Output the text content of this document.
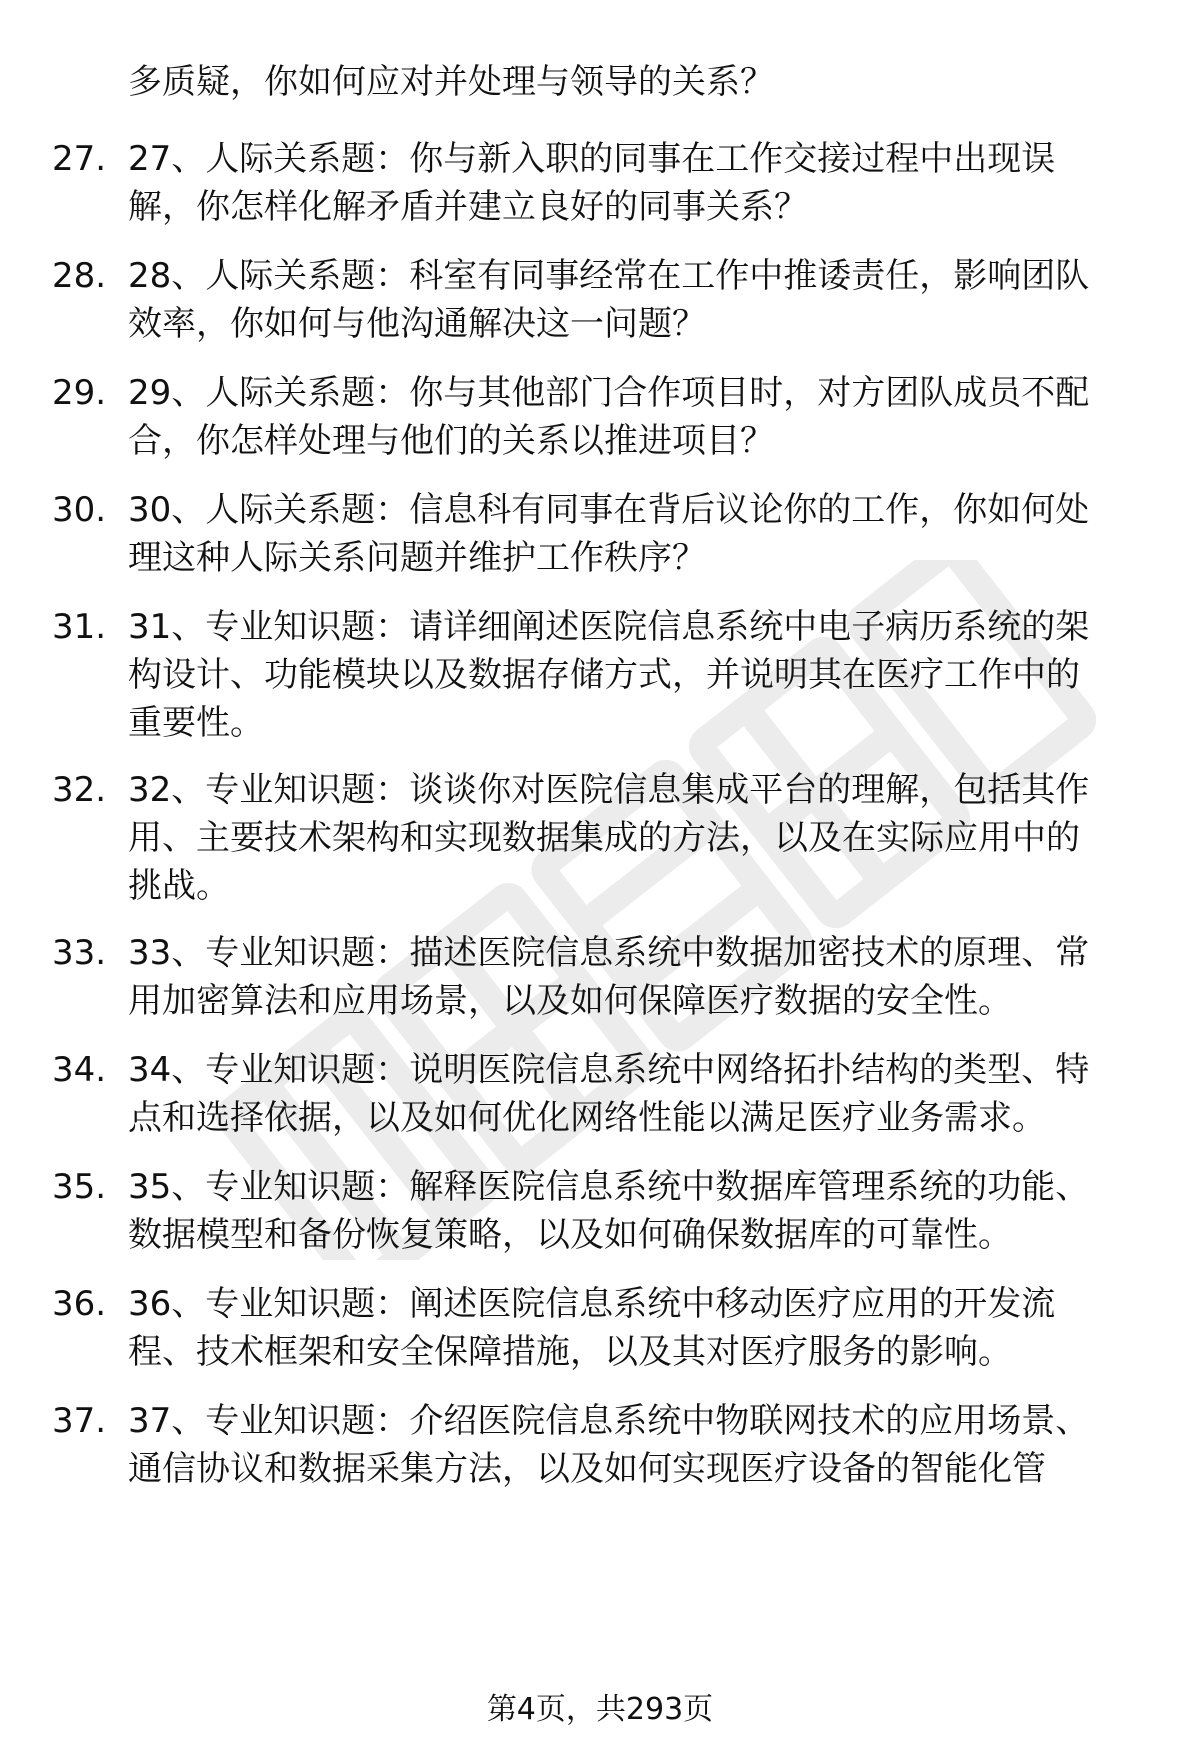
多质疑，你如何应对并处理与领导的关系？
27. 27、人际关系题：你与新入职的同事在工作交接过程中出现误
解，你怎样化解矛盾并建立良好的同事关系？
28. 28、人际关系题：科室有同事经常在工作中推诿责任，影响团队
效率，你如何与他沟通解决这一问题？
29. 29、人际关系题：你与其他部门合作项目时，对方团队成员不配
合，你怎样处理与他们的关系以推进项目？
30. 30、人际关系题：信息科有同事在背后议论你的工作，你如何处
理这种人际关系问题并维护工作秩序？
31. 31、专业知识题：请详细阐述医院信息系统中电子病历系统的架
构设计、功能模块以及数据存储方式，并说明其在医疗工作中的
重要性。
32. 32、专业知识题：谈谈你对医院信息集成平台的理解，包括其作
用、主要技术架构和实现数据集成的方法，以及在实际应用中的
挑战。
33. 33、专业知识题：描述医院信息系统中数据加密技术的原理、常
用加密算法和应用场景，以及如何保障医疗数据的安全性。
34. 34、专业知识题：说明医院信息系统中网络拓扑结构的类型、特
点和选择依据，以及如何优化网络性能以满足医疗业务需求。
35. 35、专业知识题：解释医院信息系统中数据库管理系统的功能、
数据模型和备份恢复策略，以及如何确保数据库的可靠性。
36. 36、专业知识题：阐述医院信息系统中移动医疗应用的开发流
程、技术框架和安全保障措施，以及其对医疗服务的影响。
37. 37、专业知识题：介绍医院信息系统中物联网技术的应用场景、
通信协议和数据采集方法，以及如何实现医疗设备的智能化管
第4页，共293页
